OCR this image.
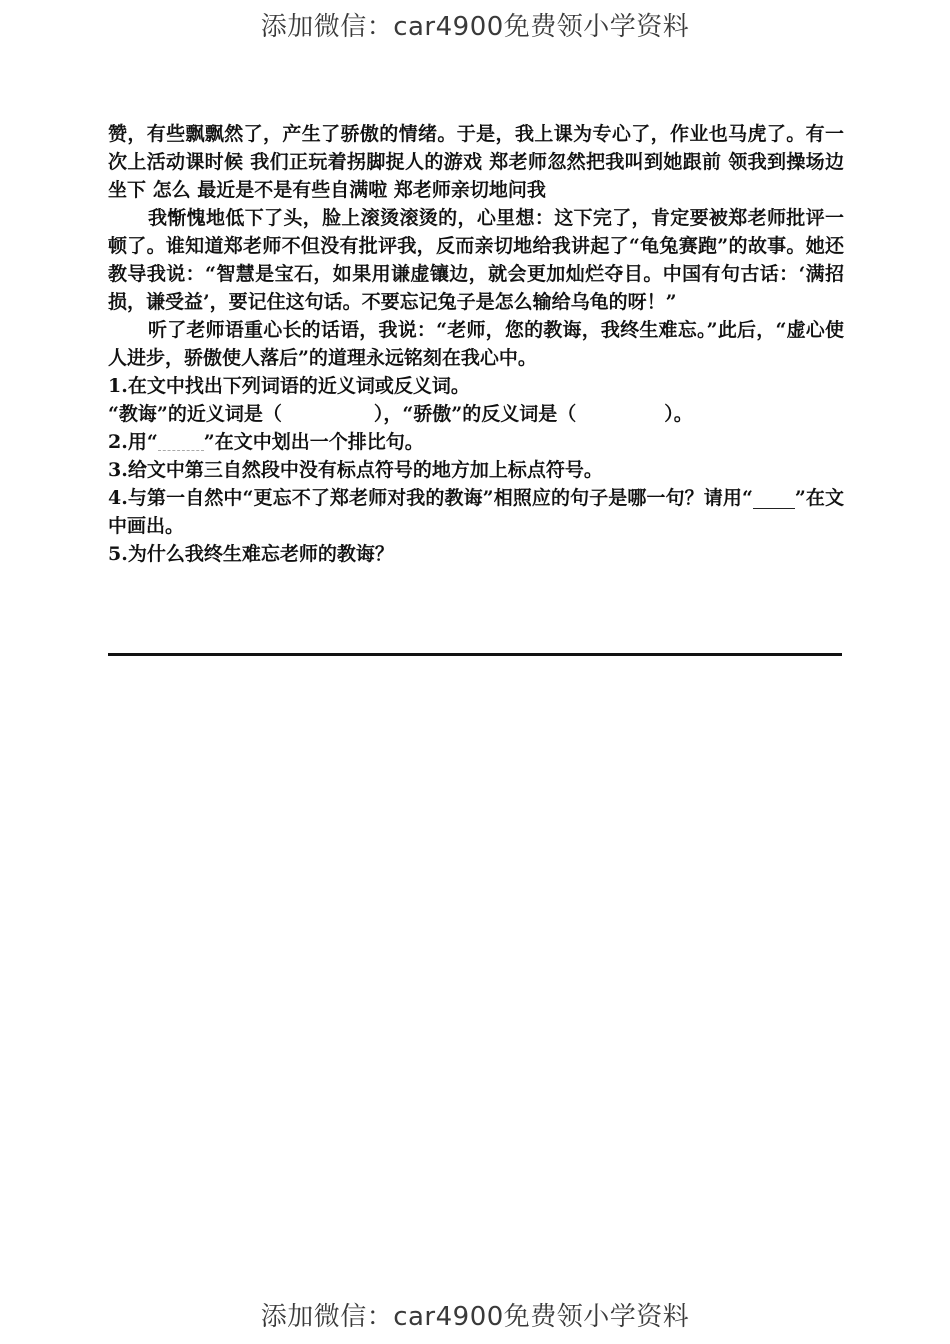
添加微信：car4900免费领小学资料

赞，有些飘飘然了，产生了骄傲的情绪。于是，我上课为专心了，作业也马虎了。有一次上活动课时候 我们正玩着拐脚捉人的游戏 郑老师忽然把我叫到她跟前 领我到操场边坐下 怎么 最近是不是有些自满啦 郑老师亲切地问我

我惭愧地低下了头，脸上滚烫滚烫的，心里想：这下完了，肯定要被郑老师批评一顿了。谁知道郑老师不但没有批评我，反而亲切地给我讲起了“龟兔赛跑”的故事。她还教导我说：“智慧是宝石，如果用谦虚镶边，就会更加灿烂夺目。中国有句古话：‘满招损，谦受益’，要记住这句话。不要忘记兔子是怎么输给乌龟的呀！”

听了老师语重心长的话语，我说：“老师，您的教诲，我终生难忘。”此后，“虚心使人进步，骄傲使人落后”的道理永远铭刻在我心中。

1.在文中找出下列词语的近义词或反义词。

“教诲”的近义词是（	），“骄傲”的反义词是（	）。

2.用“ ”在文中划出一个排比句。

3.给文中第三自然段中没有标点符号的地方加上标点符号。

4.与第一自然中“更忘不了郑老师对我的教诲”相照应的句子是哪一句？请用“ ”在文中画出。

5.为什么我终生难忘老师的教诲？

添加微信：car4900免费领小学资料
